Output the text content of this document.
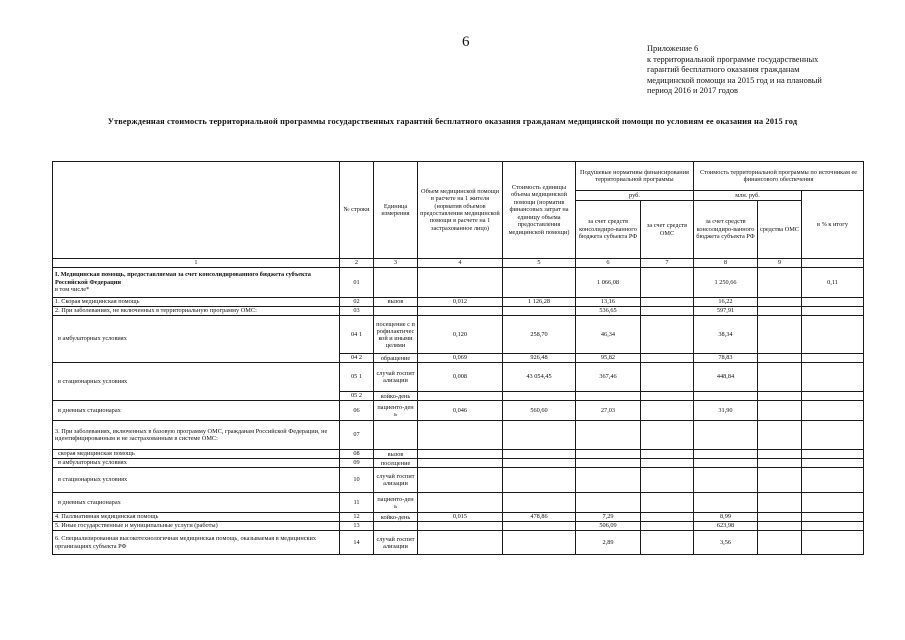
6	Приложение 6
к территориальной программе государственных
гарантий бесплатного оказания гражданам
медицинской помощи на 2015 год и на плановый
период 2016 и 2017 годов
Утвержденная стоимость территориальной программы государственных гарантий бесплатного оказания гражданам медицинской помощи по условиям ее оказания на 2015 год
	№ строки	Единица измерения	Объем медицинской помощи в расчете на 1 жителя (норматив объемов предоставления медицинской помощи в расчете на 1 застрахованное лицо)	Стоимость единицы объема медицинской помощи (норматив финансовых затрат на единицу объема предоставления медицинской помощи)	Подушевые нормативы финансирования территориальной программы		Стоимость территориальной программы по источникам ее финансового обеспечения		
					руб.		млн. руб.		в % к итогу
					за счет средств консолидиро-ванного бюджета субъекта РФ	за счет средств ОМС	за счет средств консолидиро-ванного бюджета субъекта РФ	средства ОМС	
1	2	3	4	5	6	7	8	9	

I. Медицинская помощь, предоставляемая за счет консолидированного бюджета субъекта Российской Федерации
в том числе*	01				1 066,08		1 250,66		0,11
1. Скорая медицинская помощь	02	вызов	0,012	1 126,28	13,16		16,22		
2. При заболеваниях, не включенных в территориальную программу ОМС:	03				536,65		597,91		
в амбулаторных условиях	04 1	посещение с профилактической и иными целями	0,120	258,70	46,34		38,34		
	04 2	обращение	0,069	926,48	95,82		78,83		
в стационарных условиях	05 1	случай госпитализации	0,008	43 054,45	367,46		448,84		
	05 2	койко-день							
в дневных стационарах	06	пациенто-день	0,046	560,60	27,03		31,90		
3. При заболеваниях, включенных в базовую программу ОМС, гражданам Российской Федерации, не идентифицированным и не застрахованным в системе ОМС:	07								
скорая медицинская помощь	08	вызов							
в амбулаторных условиях	09	посещение							
в стационарных условиях	10	случай госпитализации							
в дневных стационарах	11	пациенто-день							
4. Паллиативная медицинская помощь	12	койко-день	0,015	478,86	7,29		8,99		
5. Иные государственные и муниципальные услуги (работы)	13				506,09		623,98		
6. Специализированная высокотехнологичная медицинская помощь, оказываемая в медицинских организациях субъекта РФ	14	случай госпитализации			2,89		3,56		
